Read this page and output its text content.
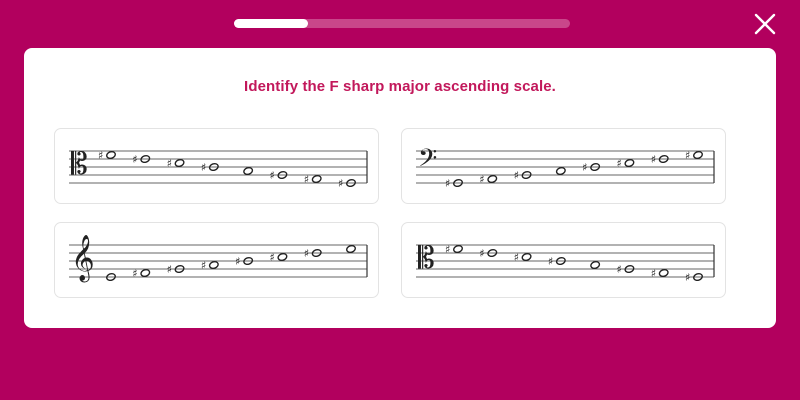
Identify the F sharp major ascending scale.
𝄡 ♯	♯	♯	♯
♯	♯	♯
𝄢
♯	♯	♯
♯	♯	♯	♯
𝄞	♯	♯	♯	♯	♯	♯	𝄡 ♯	♯	♯	♯
♯	♯	♯
